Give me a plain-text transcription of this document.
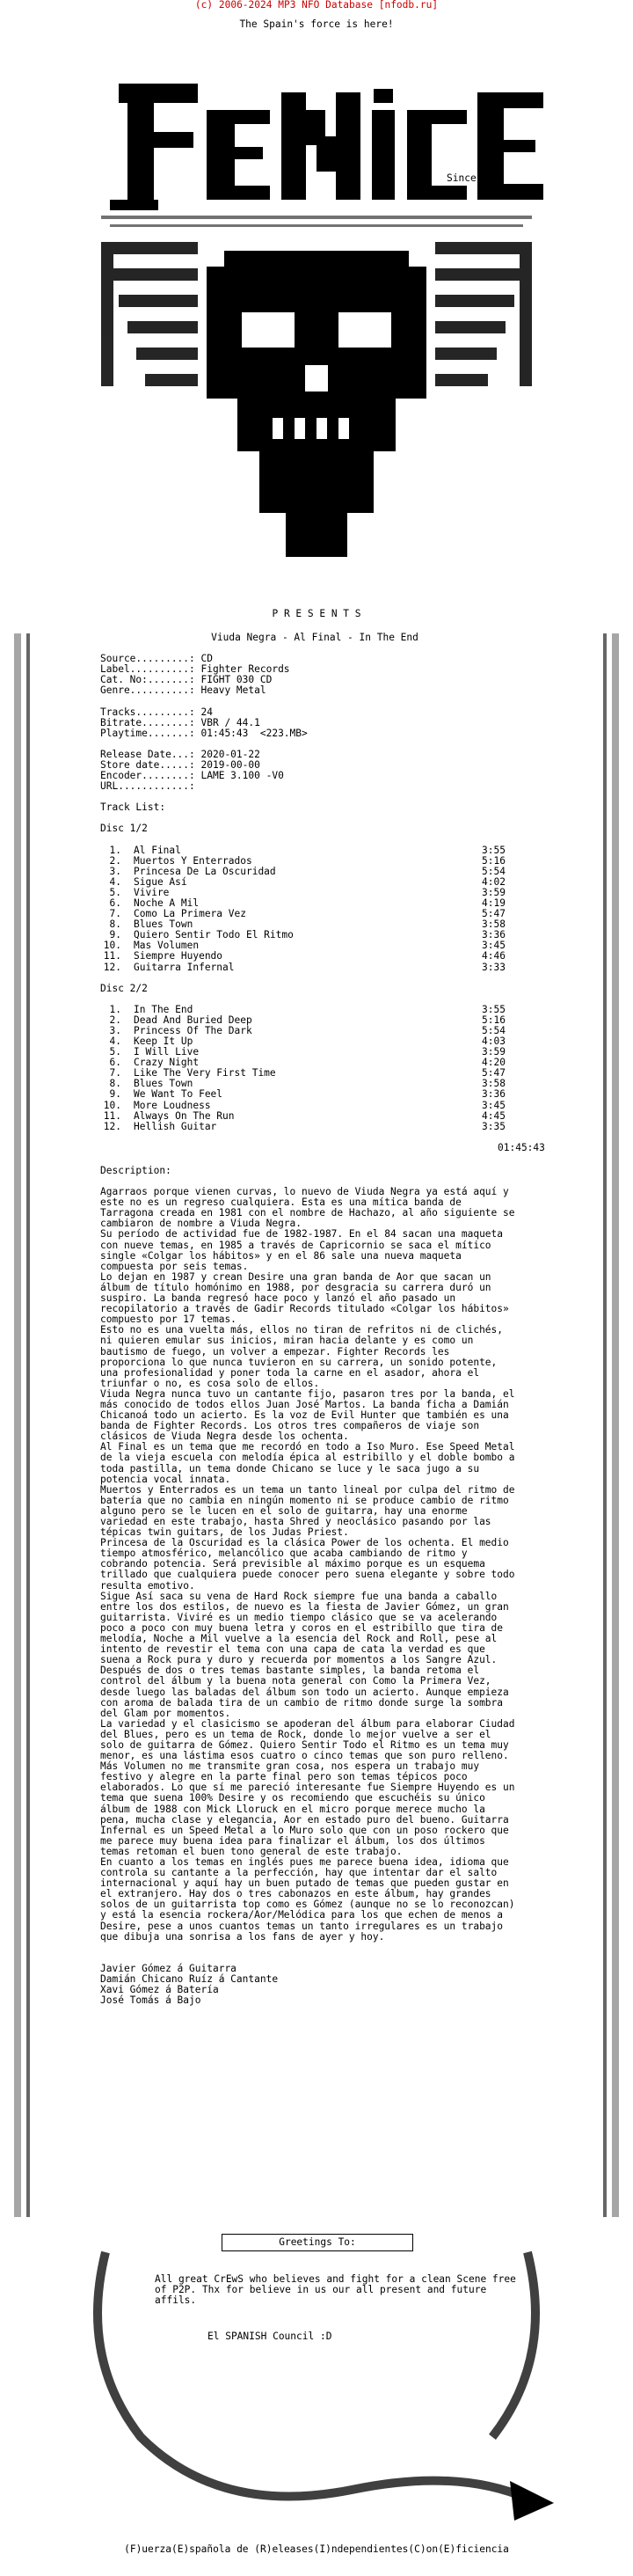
(c) 2006-2024 MP3 NFO Database [nfodb.ru]
The Spain's force is here!
Since 99
P R E S E N T S
Viuda Negra - Al Final - In The End
Source.........: CD
Label..........: Fighter Records
Cat. No:.......: FIGHT 030 CD
Genre..........: Heavy Metal

Tracks.........: 24
Bitrate........: VBR / 44.1
Playtime.......: 01:45:43  <223.MB>

Release Date...: 2020-01-22
Store date.....: 2019-00-00
Encoder........: LAME 3.100 -V0
URL............:
Track List:
Disc 1/2
1.	Al Final	3:55
2.	Muertos Y Enterrados	5:16
3.	Princesa De La Oscuridad	5:54
4.	Sigue Así	4:02
5.	Vivire	3:59
6.	Noche A Mil	4:19
7.	Como La Primera Vez	5:47
8.	Blues Town	3:58
9.	Quiero Sentir Todo El Ritmo	3:36
10.	Mas Volumen	3:45
11.	Siempre Huyendo	4:46
12.	Guitarra Infernal	3:33
Disc 2/2
1.	In The End	3:55
2.	Dead And Buried Deep	5:16
3.	Princess Of The Dark	5:54
4.	Keep It Up	4:03
5.	I Will Live	3:59
6.	Crazy Night	4:20
7.	Like The Very First Time	5:47
8.	Blues Town	3:58
9.	We Want To Feel	3:36
10.	More Loudness	3:45
11.	Always On The Run	4:45
12.	Hellish Guitar	3:35
01:45:43
Description:

Agarraos porque vienen curvas, lo nuevo de Viuda Negra ya está aquí y este no es un regreso cualquiera. Esta es una mítica banda de Tarragona creada en 1981 con el nombre de Hachazo, al año siguiente se cambiaron de nombre a Viuda Negra.

Su período de actividad fue de 1982-1987. En el 84 sacan una maqueta con nueve temas, en 1985 a través de Capricornio se saca el mítico single «Colgar los hábitos» y en el 86 sale una nueva maqueta compuesta por seis temas.

Lo dejan en 1987 y crean Desire una gran banda de Aor que sacan un álbum de título homónimo en 1988, por desgracia su carrera duró un suspiro. La banda regresó hace poco y lanzó el año pasado un recopilatorio a través de Gadir Records titulado «Colgar los hábitos» compuesto por 17 temas.

Esto no es una vuelta más, ellos no tiran de refritos ni de clichés, ni quieren emular sus inicios, miran hacia delante y es como un bautismo de fuego, un volver a empezar. Fighter Records les proporciona lo que nunca tuvieron en su carrera, un sonido potente, una profesionalidad y poner toda la carne en el asador, ahora el triunfar o no, es cosa solo de ellos.

Viuda Negra nunca tuvo un cantante fijo, pasaron tres por la banda, el más conocido de todos ellos Juan José Martos. La banda ficha a Damián Chicanoá todo un acierto. Es la voz de Evil Hunter que también es una banda de Fighter Records. Los otros tres compañeros de viaje son clásicos de Viuda Negra desde los ochenta.

Al Final es un tema que me recordó en todo a Iso Muro. Ese Speed Metal de la vieja escuela con melodía épica al estribillo y el doble bombo a toda pastilla, un tema donde Chicano se luce y le saca jugo a su potencia vocal innata.

Muertos y Enterrados es un tema un tanto lineal por culpa del ritmo de batería que no cambia en ningún momento ni se produce cambio de ritmo alguno pero se le lucen en el solo de guitarra, hay una enorme variedad en este trabajo, hasta Shred y neoclásico pasando por las tépicas twin guitars, de los Judas Priest.

Princesa de la Oscuridad es la clásica Power de los ochenta. El medio tiempo atmosférico, melancólico que acaba cambiando de ritmo y cobrando potencia. Será previsible al máximo porque es un esquema trillado que cualquiera puede conocer pero suena elegante y sobre todo resulta emotivo.

Sigue Así saca su vena de Hard Rock siempre fue una banda a caballo entre los dos estilos, de nuevo es la fiesta de Javier Gómez, un gran guitarrista. Viviré es un medio tiempo clásico que se va acelerando poco a poco con muy buena letra y coros en el estribillo que tira de melodía, Noche a Mil vuelve a la esencia del Rock and Roll, pese al intento de revestir el tema con una capa de cata la verdad es que suena a Rock pura y duro y recuerda por momentos a los Sangre Azul.

Después de dos o tres temas bastante simples, la banda retoma el control del álbum y la buena nota general con Como la Primera Vez, desde luego las baladas del álbum son todo un acierto. Aunque empieza con aroma de balada tira de un cambio de ritmo donde surge la sombra del Glam por momentos.

La variedad y el clasicismo se apoderan del álbum para elaborar Ciudad del Blues, pero es un tema de Rock, donde lo mejor vuelve a ser el solo de guitarra de Gómez. Quiero Sentir Todo el Ritmo es un tema muy menor, es una lástima esos cuatro o cinco temas que son puro relleno. Más Volumen no me transmite gran cosa, nos espera un trabajo muy festivo y alegre en la parte final pero son temas tépicos poco elaborados. Lo que sí me pareció interesante fue Siempre Huyendo es un tema que suena 100% Desire y os recomiendo que escuchéis su único álbum de 1988 con Mick Lloruck en el micro porque merece mucho la pena, mucha clase y elegancia, Aor en estado puro del bueno. Guitarra Infernal es un Speed Metal a lo Muro solo que con un poso rockero que me parece muy buena idea para finalizar el álbum, los dos últimos temas retoman el buen tono general de este trabajo.

En cuanto a los temas en inglés pues me parece buena idea, idioma que controla su cantante a la perfección, hay que intentar dar el salto internacional y aquí hay un buen putado de temas que pueden gustar en el extranjero. Hay dos o tres cabonazos en este álbum, hay grandes solos de un guitarrista top como es Gómez (aunque no se lo reconozcan) y está la esencia rockera/Aor/Melódica para los que echen de menos a Desire, pese a unos cuantos temas un tanto irregulares es un trabajo que dibuja una sonrisa a los fans de ayer y hoy.

Javier Gómez á Guitarra
Damián Chicano Ruíz á Cantante
Xavi Gómez á Batería
José Tomás á Bajo
Greetings To:
All great CrEwS who believes and fight for a clean Scene free of P2P. Thx for believe in us our all present and future affils.
El SPANISH Council :D
(F)uerza(E)spañola de (R)eleases(I)ndependientes(C)on(E)ficiencia
